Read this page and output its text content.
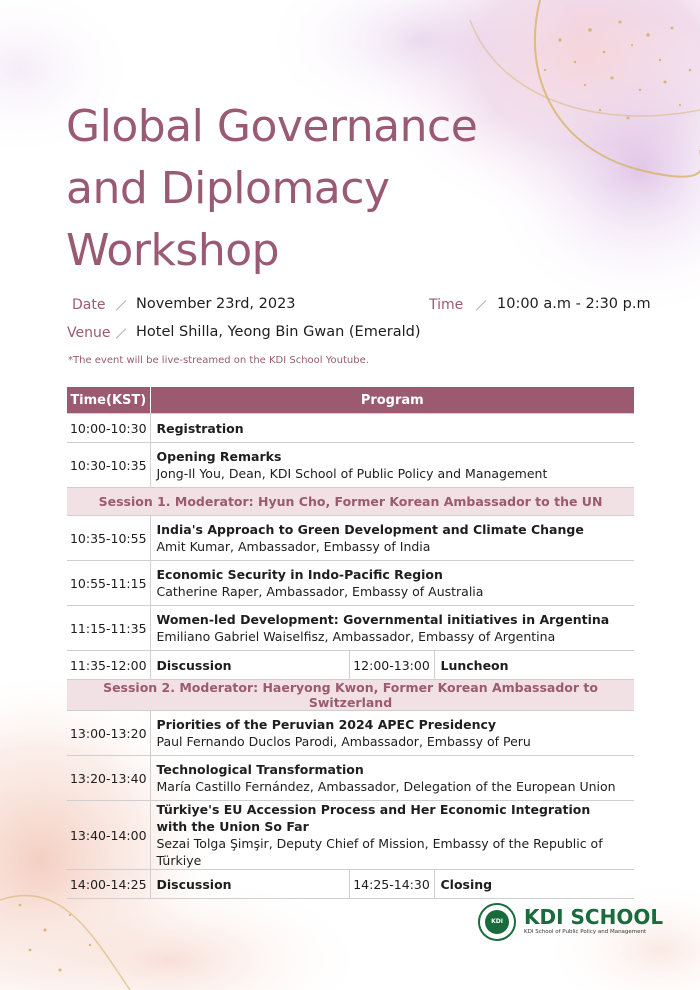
Global Governance
and Diplomacy
Workshop
Date November 23rd, 2023	Time 10:00 a.m - 2:30 p.m
Venue Hotel Shilla, Yeong Bin Gwan (Emerald)
*The event will be live-streamed on the KDI School Youtube.
Time(KST)	Program		
10:00-10:30	Registration		
10:30-10:35	Opening Remarks
Jong-Il You, Dean, KDI School of Public Policy and Management		

Session 1. Moderator: Hyun Cho, Former Korean Ambassador to the UN			
10:35-10:55	India's Approach to Green Development and Climate Change
Amit Kumar, Ambassador, Embassy of India		

10:55-11:15	Economic Security in Indo-Pacific Region
Catherine Raper, Ambassador, Embassy of Australia		

11:15-11:35	Women-led Development: Governmental initiatives in Argentina
Emiliano Gabriel Waiselfisz, Ambassador, Embassy of Argentina		

11:35-12:00	Discussion	12:00-13:00	Luncheon
Session 2. Moderator: Haeryong Kwon, Former Korean Ambassador to Switzerland			
13:00-13:20	Priorities of the Peruvian 2024 APEC Presidency
Paul Fernando Duclos Parodi, Ambassador, Embassy of Peru		

13:20-13:40	Technological Transformation
María Castillo Fernández, Ambassador, Delegation of the European Union		

13:40-14:00	Türkiye's EU Accession Process and Her Economic Integration
with the Union So Far
Sezai Tolga Şimşir, Deputy Chief of Mission, Embassy of the Republic of Türkiye		

14:00-14:25	Discussion	14:25-14:30	Closing
KDI	KDI SCHOOL
KDI School of Public Policy and Management
